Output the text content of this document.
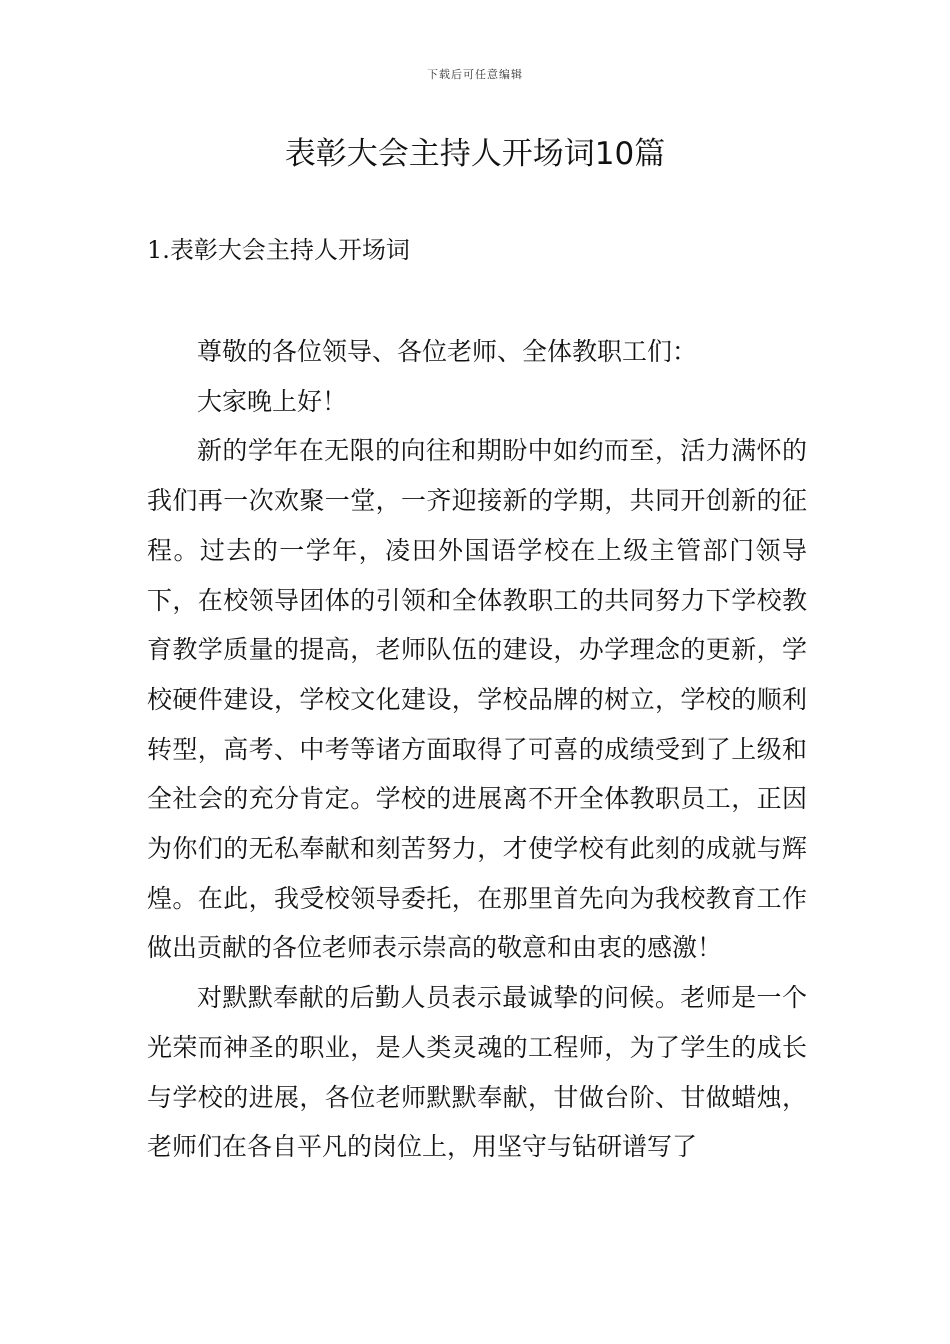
下载后可任意编辑
表彰大会主持人开场词10篇
1.表彰大会主持人开场词

尊敬的各位领导、各位老师、全体教职工们：

大家晚上好！

新的学年在无限的向往和期盼中如约而至，活力满怀的我们再一次欢聚一堂，一齐迎接新的学期，共同开创新的征程。过去的一学年，凌田外国语学校在上级主管部门领导下，在校领导团体的引领和全体教职工的共同努力下学校教育教学质量的提高，老师队伍的建设，办学理念的更新，学校硬件建设，学校文化建设，学校品牌的树立，学校的顺利转型，高考、中考等诸方面取得了可喜的成绩受到了上级和全社会的充分肯定。学校的进展离不开全体教职员工，正因为你们的无私奉献和刻苦努力，才使学校有此刻的成就与辉煌。在此，我受校领导委托，在那里首先向为我校教育工作做出贡献的各位老师表示崇高的敬意和由衷的感激！

对默默奉献的后勤人员表示最诚挚的问候。老师是一个光荣而神圣的职业，是人类灵魂的工程师，为了学生的成长与学校的进展，各位老师默默奉献，甘做台阶、甘做蜡烛，老师们在各自平凡的岗位上，用坚守与钻研谱写了
